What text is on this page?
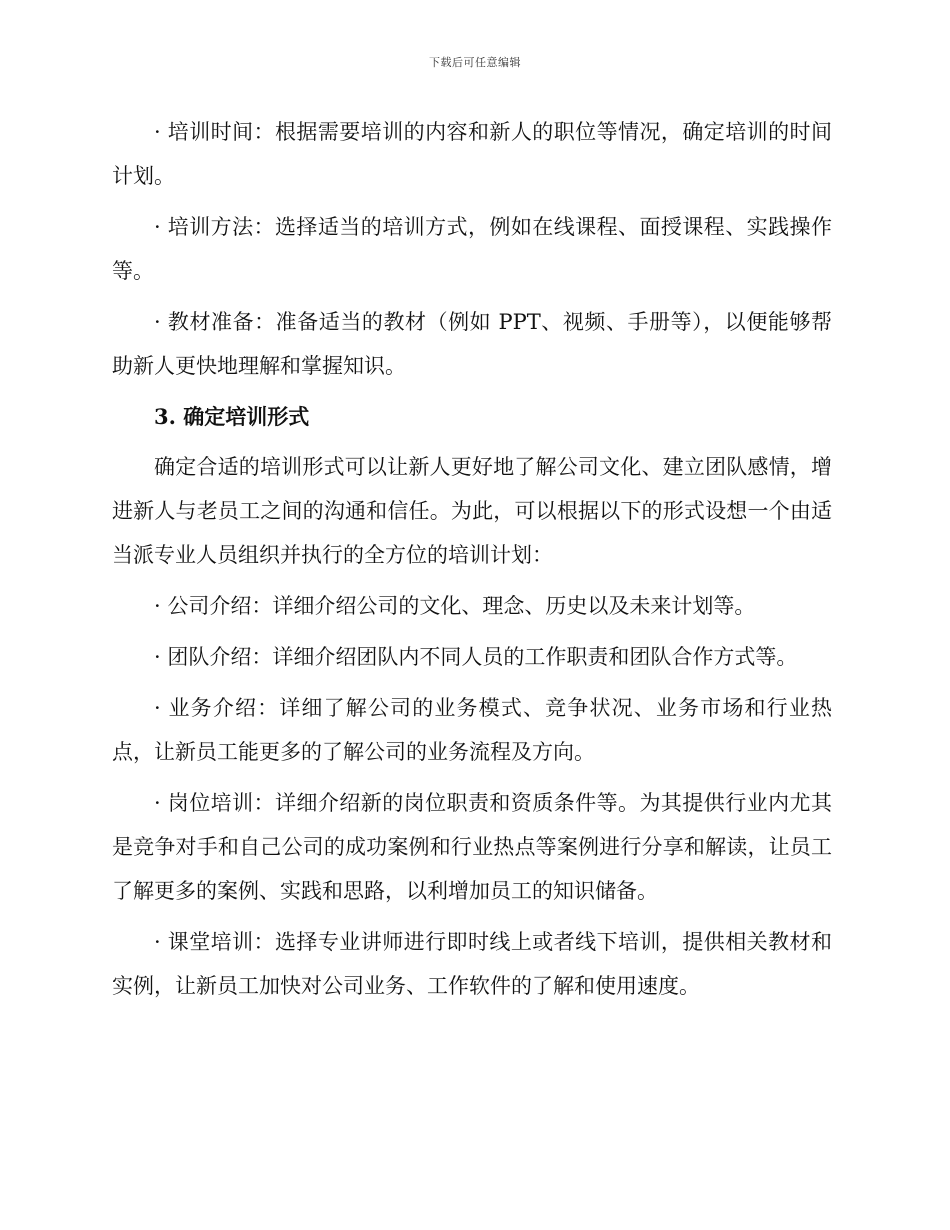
下载后可任意编辑

· 培训时间：根据需要培训的内容和新人的职位等情况，确定培训的时间计划。

· 培训方法：选择适当的培训方式，例如在线课程、面授课程、实践操作等。

· 教材准备：准备适当的教材（例如 PPT、视频、手册等），以便能够帮助新人更快地理解和掌握知识。

3. 确定培训形式

确定合适的培训形式可以让新人更好地了解公司文化、建立团队感情，增进新人与老员工之间的沟通和信任。为此，可以根据以下的形式设想一个由适当派专业人员组织并执行的全方位的培训计划：

· 公司介绍：详细介绍公司的文化、理念、历史以及未来计划等。

· 团队介绍：详细介绍团队内不同人员的工作职责和团队合作方式等。

· 业务介绍：详细了解公司的业务模式、竞争状况、业务市场和行业热点，让新员工能更多的了解公司的业务流程及方向。

· 岗位培训：详细介绍新的岗位职责和资质条件等。为其提供行业内尤其是竞争对手和自己公司的成功案例和行业热点等案例进行分享和解读，让员工了解更多的案例、实践和思路，以利增加员工的知识储备。

· 课堂培训：选择专业讲师进行即时线上或者线下培训，提供相关教材和实例，让新员工加快对公司业务、工作软件的了解和使用速度。
